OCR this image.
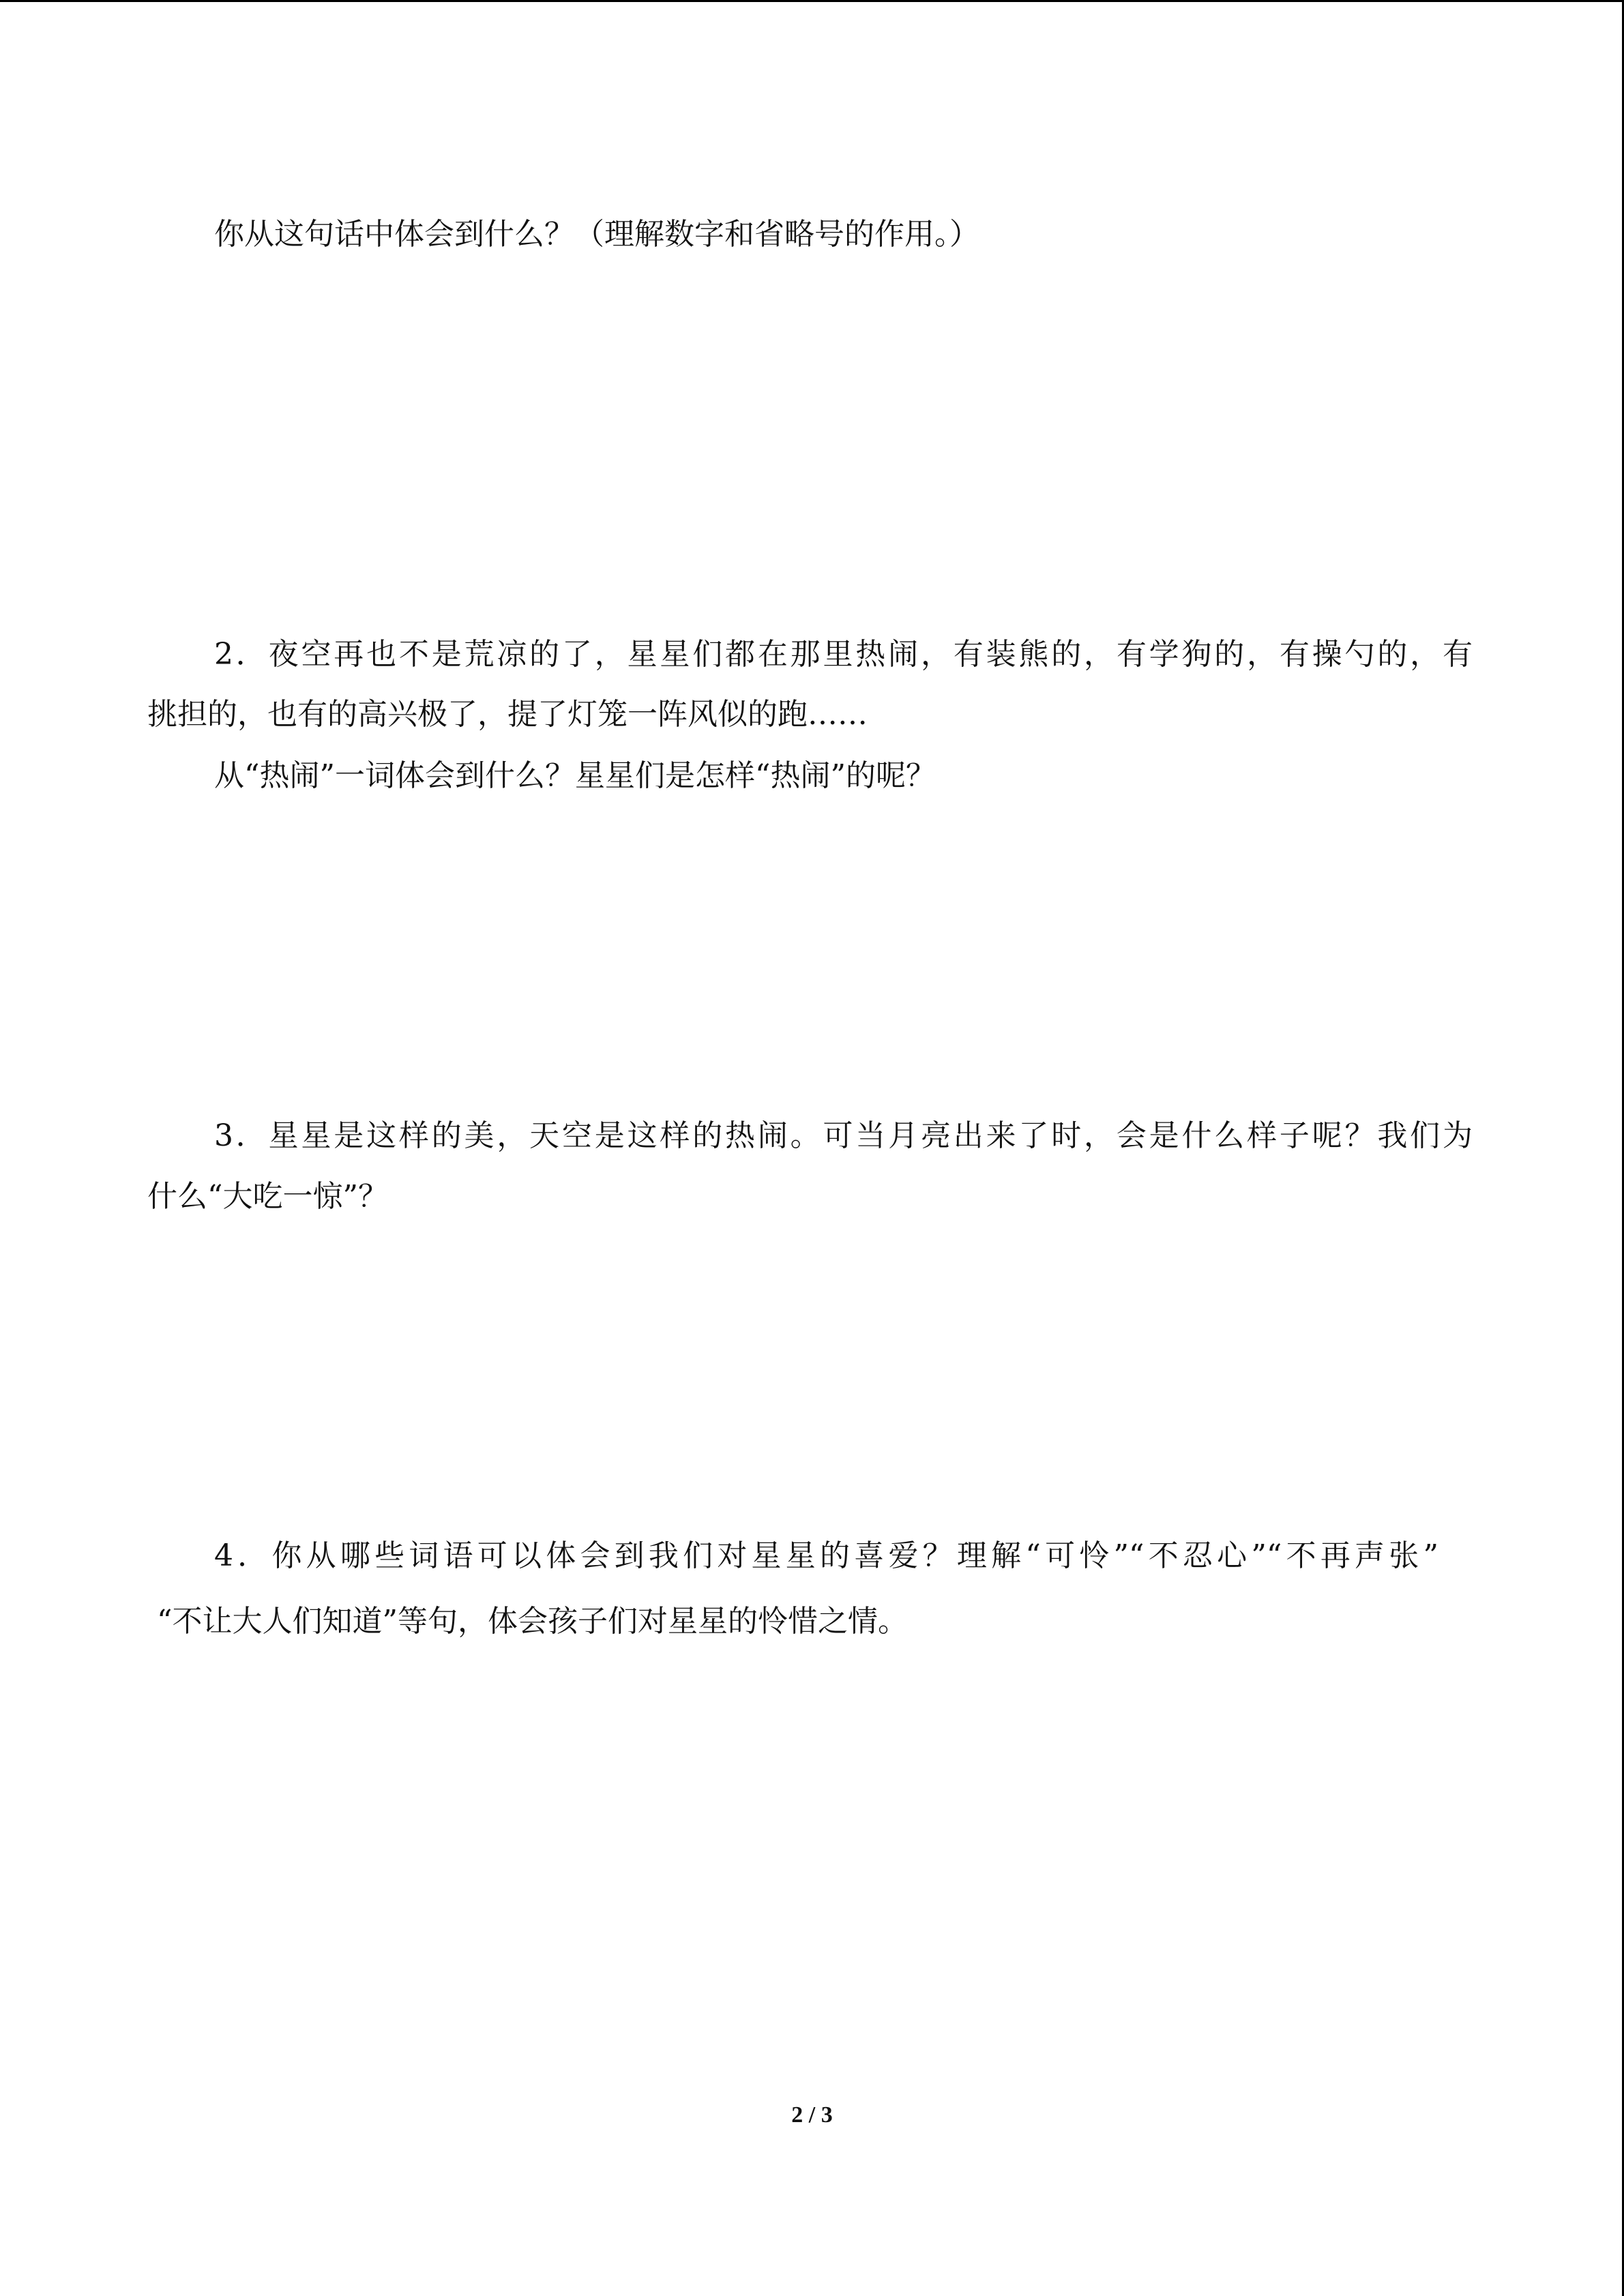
你从这句话中体会到什么？（理解数字和省略号的作用。）
2．夜空再也不是荒凉的了，星星们都在那里热闹，有装熊的，有学狗的，有操勺的，有
挑担的，也有的高兴极了，提了灯笼一阵风似的跑……
从“热闹”一词体会到什么？星星们是怎样“热闹”的呢？
3．星星是这样的美，天空是这样的热闹。可当月亮出来了时，会是什么样子呢？我们为
什么“大吃一惊”？
4．你从哪些词语可以体会到我们对星星的喜爱？理解“可怜”“不忍心”“不再声张”
“不让大人们知道”等句，体会孩子们对星星的怜惜之情。
2 / 3
